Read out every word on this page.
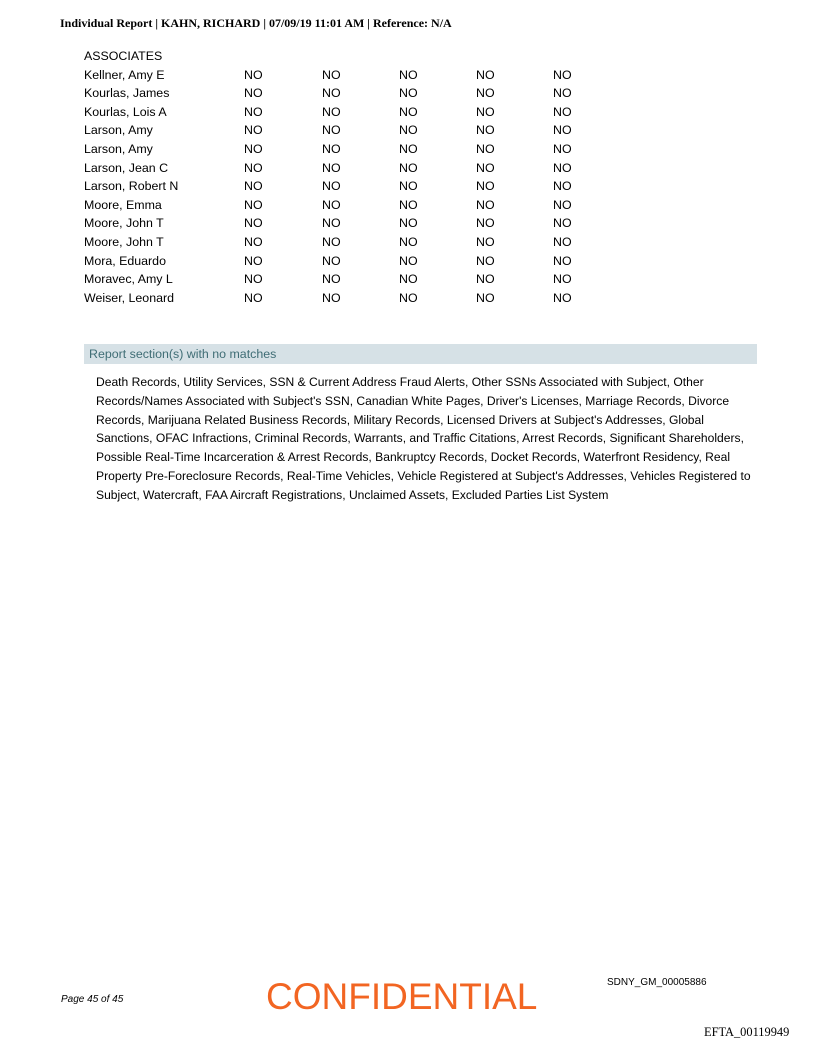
Individual Report | KAHN, RICHARD | 07/09/19 11:01 AM | Reference: N/A
ASSOCIATES
Kellner, Amy E	NO	NO	NO	NO	NO
Kourlas, James	NO	NO	NO	NO	NO
Kourlas, Lois A	NO	NO	NO	NO	NO
Larson, Amy	NO	NO	NO	NO	NO
Larson, Amy	NO	NO	NO	NO	NO
Larson, Jean C	NO	NO	NO	NO	NO
Larson, Robert N	NO	NO	NO	NO	NO
Moore, Emma	NO	NO	NO	NO	NO
Moore, John T	NO	NO	NO	NO	NO
Moore, John T	NO	NO	NO	NO	NO
Mora, Eduardo	NO	NO	NO	NO	NO
Moravec, Amy L	NO	NO	NO	NO	NO
Weiser, Leonard	NO	NO	NO	NO	NO
Report section(s) with no matches
Death Records, Utility Services, SSN & Current Address Fraud Alerts, Other SSNs Associated with Subject, Other Records/Names Associated with Subject's SSN, Canadian White Pages, Driver's Licenses, Marriage Records, Divorce Records, Marijuana Related Business Records, Military Records, Licensed Drivers at Subject's Addresses, Global Sanctions, OFAC Infractions, Criminal Records, Warrants, and Traffic Citations, Arrest Records, Significant Shareholders, Possible Real-Time Incarceration & Arrest Records, Bankruptcy Records, Docket Records, Waterfront Residency, Real Property Pre-Foreclosure Records, Real-Time Vehicles, Vehicle Registered at Subject's Addresses, Vehicles Registered to Subject, Watercraft, FAA Aircraft Registrations, Unclaimed Assets, Excluded Parties List System
Page 45 of 45	CONFIDENTIAL	SDNY_GM_00005886
EFTA_00119949
